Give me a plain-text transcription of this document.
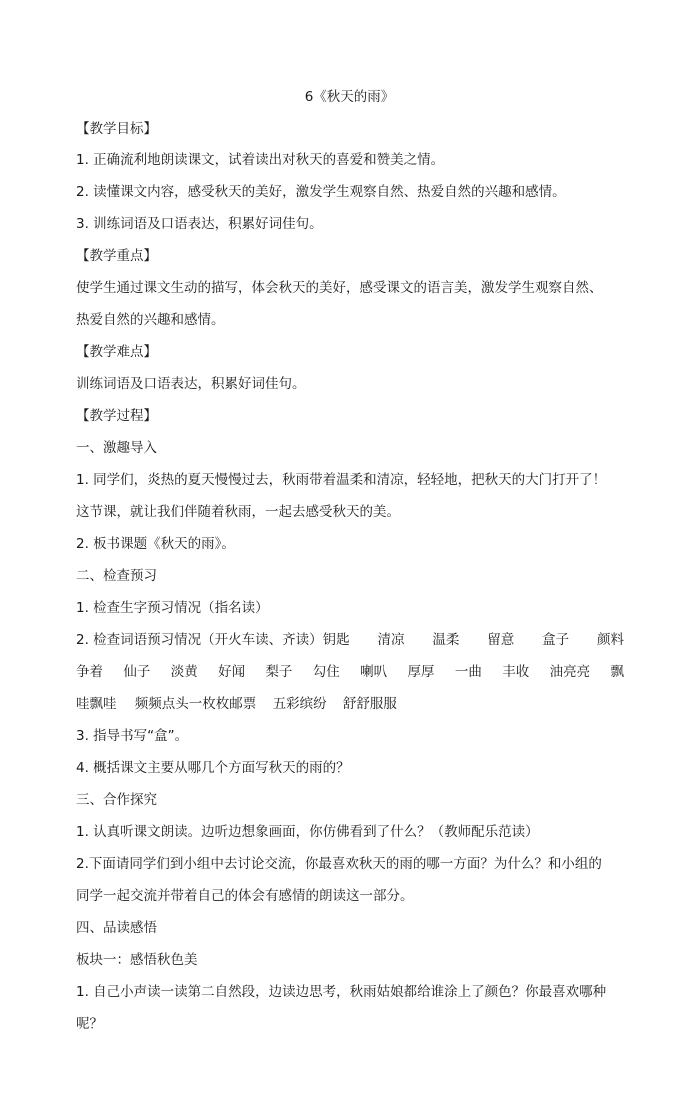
6《秋天的雨》

【教学目标】

1. 正确流利地朗读课文，试着读出对秋天的喜爱和赞美之情。

2. 读懂课文内容，感受秋天的美好，激发学生观察自然、热爱自然的兴趣和感情。

3. 训练词语及口语表达，积累好词佳句。

【教学重点】

使学生通过课文生动的描写，体会秋天的美好，感受课文的语言美，激发学生观察自然、

热爱自然的兴趣和感情。

【教学难点】

训练词语及口语表达，积累好词佳句。

【教学过程】

一、激趣导入

1. 同学们，炎热的夏天慢慢过去，秋雨带着温柔和清凉，轻轻地，把秋天的大门打开了！

这节课，就让我们伴随着秋雨，一起去感受秋天的美。

2. 板书课题《秋天的雨》。

二、检查预习

1. 检查生字预习情况（指名读）

2. 检查词语预习情况（开火车读、齐读）钥匙 清凉 温柔 留意 盒子 颜料
争着 仙子 淡黄 好闻 梨子 勾住 喇叭 厚厚 一曲 丰收 油亮亮 飘
哇飘哇 频频点头一枚枚邮票 五彩缤纷 舒舒服服

3. 指导书写“盒”。

4. 概括课文主要从哪几个方面写秋天的雨的？

三、合作探究

1. 认真听课文朗读。边听边想象画面，你仿佛看到了什么？（教师配乐范读）

2.下面请同学们到小组中去讨论交流，你最喜欢秋天的雨的哪一方面？为什么？和小组的

同学一起交流并带着自己的体会有感情的朗读这一部分。

四、品读感悟

板块一：感悟秋色美

1. 自己小声读一读第二自然段，边读边思考，秋雨姑娘都给谁涂上了颜色？你最喜欢哪种

呢？
